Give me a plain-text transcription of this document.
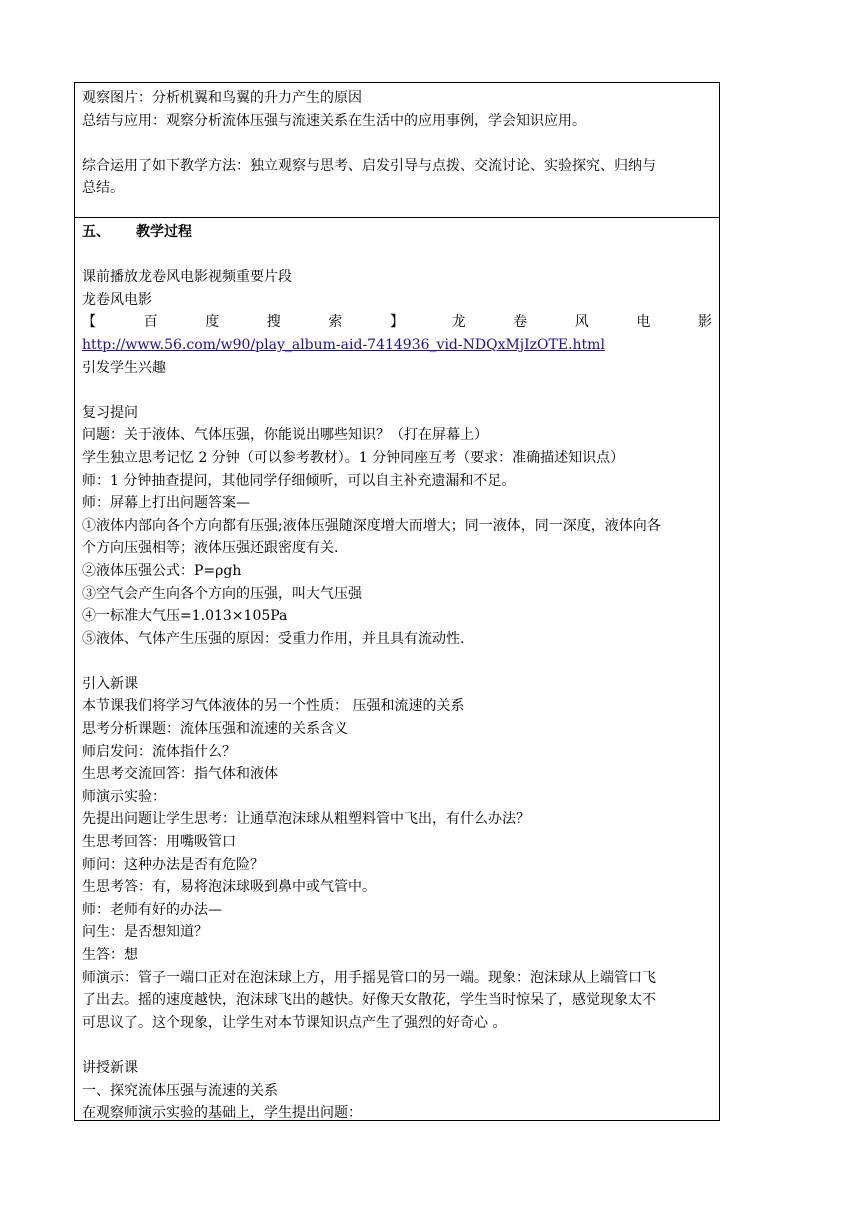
观察图片：分析机翼和鸟翼的升力产生的原因
总结与应用：观察分析流体压强与流速关系在生活中的应用事例，学会知识应用。
综合运用了如下教学方法：独立观察与思考、启发引导与点拨、交流讨论、实验探究、归纳与
总结。
五、 教学过程
课前播放龙卷风电影视频重要片段
龙卷风电影
【	百	度	搜	索	】	龙	卷	风	电	影
http://www.56.com/w90/play_album-aid-7414936_vid-NDQxMjIzOTE.html
引发学生兴趣
复习提问
问题：关于液体、气体压强，你能说出哪些知识？（打在屏幕上）
学生独立思考记忆 2 分钟（可以参考教材）。1 分钟同座互考（要求：准确描述知识点）
师：1 分钟抽查提问，其他同学仔细倾听，可以自主补充遗漏和不足。
师：屏幕上打出问题答案—
①液体内部向各个方向都有压强;液体压强随深度增大而增大；同一液体，同一深度，液体向各
个方向压强相等；液体压强还跟密度有关.
②液体压强公式：P=ρgh
③空气会产生向各个方向的压强，叫大气压强
④一标准大气压=1.013×105Pa
⑤液体、气体产生压强的原因：受重力作用，并且具有流动性.
引入新课
本节课我们将学习气体液体的另一个性质： 压强和流速的关系
思考分析课题：流体压强和流速的关系含义
师启发问：流体指什么？
生思考交流回答：指气体和液体
师演示实验：
先提出问题让学生思考：让通草泡沫球从粗塑料管中飞出，有什么办法？
生思考回答：用嘴吸管口
师问：这种办法是否有危险？
生思考答：有，易将泡沫球吸到鼻中或气管中。
师：老师有好的办法—
问生：是否想知道？
生答：想
师演示：管子一端口正对在泡沫球上方，用手摇晃管口的另一端。现象：泡沫球从上端管口飞
了出去。摇的速度越快，泡沫球飞出的越快。好像天女散花，学生当时惊呆了，感觉现象太不
可思议了。这个现象，让学生对本节课知识点产生了强烈的好奇心 。
讲授新课
一、探究流体压强与流速的关系
在观察师演示实验的基础上，学生提出问题：
